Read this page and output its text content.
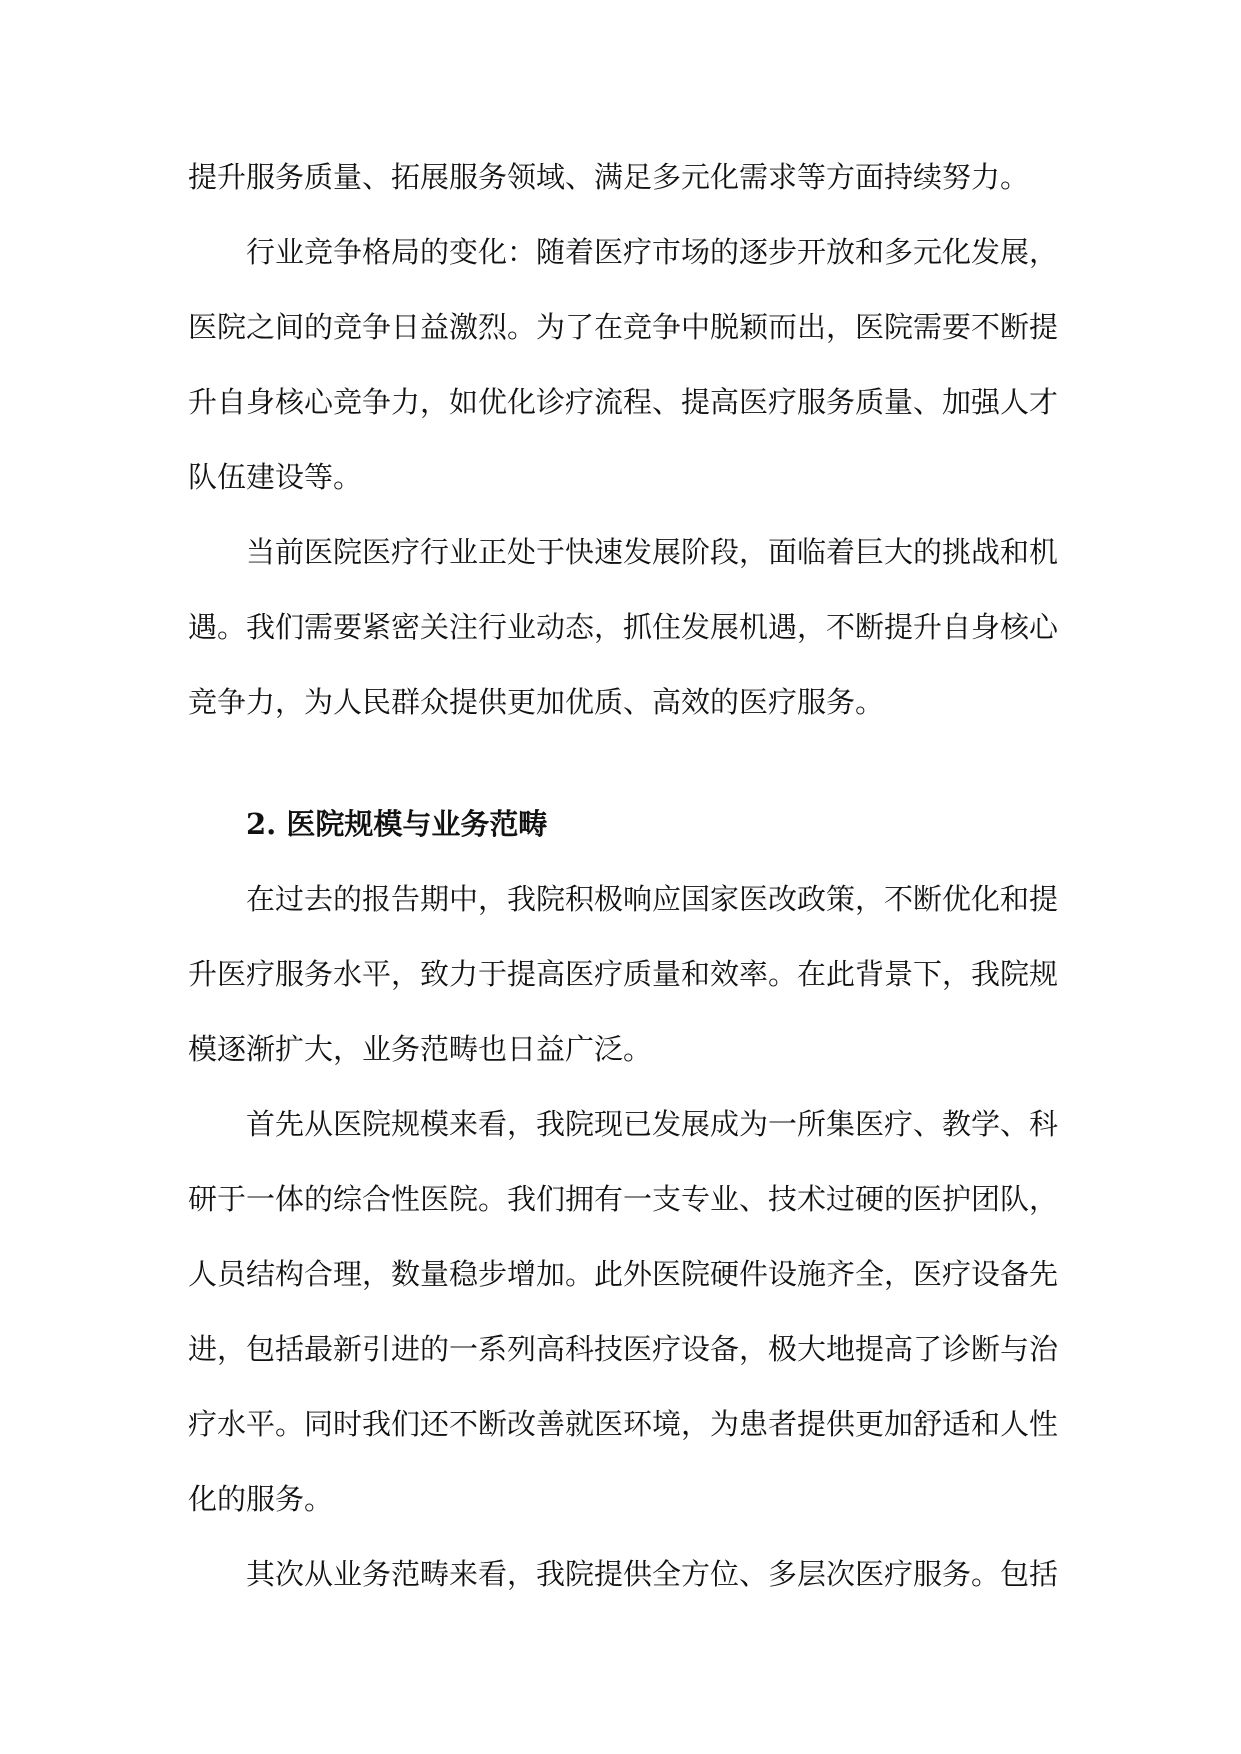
提升服务质量、拓展服务领域、满足多元化需求等方面持续努力。
行业竞争格局的变化：随着医疗市场的逐步开放和多元化发展，
医院之间的竞争日益激烈。为了在竞争中脱颖而出，医院需要不断提
升自身核心竞争力，如优化诊疗流程、提高医疗服务质量、加强人才
队伍建设等。
当前医院医疗行业正处于快速发展阶段，面临着巨大的挑战和机
遇。我们需要紧密关注行业动态，抓住发展机遇，不断提升自身核心
竞争力，为人民群众提供更加优质、高效的医疗服务。
2. 医院规模与业务范畴
在过去的报告期中，我院积极响应国家医改政策，不断优化和提
升医疗服务水平，致力于提高医疗质量和效率。在此背景下，我院规
模逐渐扩大，业务范畴也日益广泛。
首先从医院规模来看，我院现已发展成为一所集医疗、教学、科
研于一体的综合性医院。我们拥有一支专业、技术过硬的医护团队，
人员结构合理，数量稳步增加。此外医院硬件设施齐全，医疗设备先
进，包括最新引进的一系列高科技医疗设备，极大地提高了诊断与治
疗水平。同时我们还不断改善就医环境，为患者提供更加舒适和人性
化的服务。
其次从业务范畴来看，我院提供全方位、多层次医疗服务。包括
